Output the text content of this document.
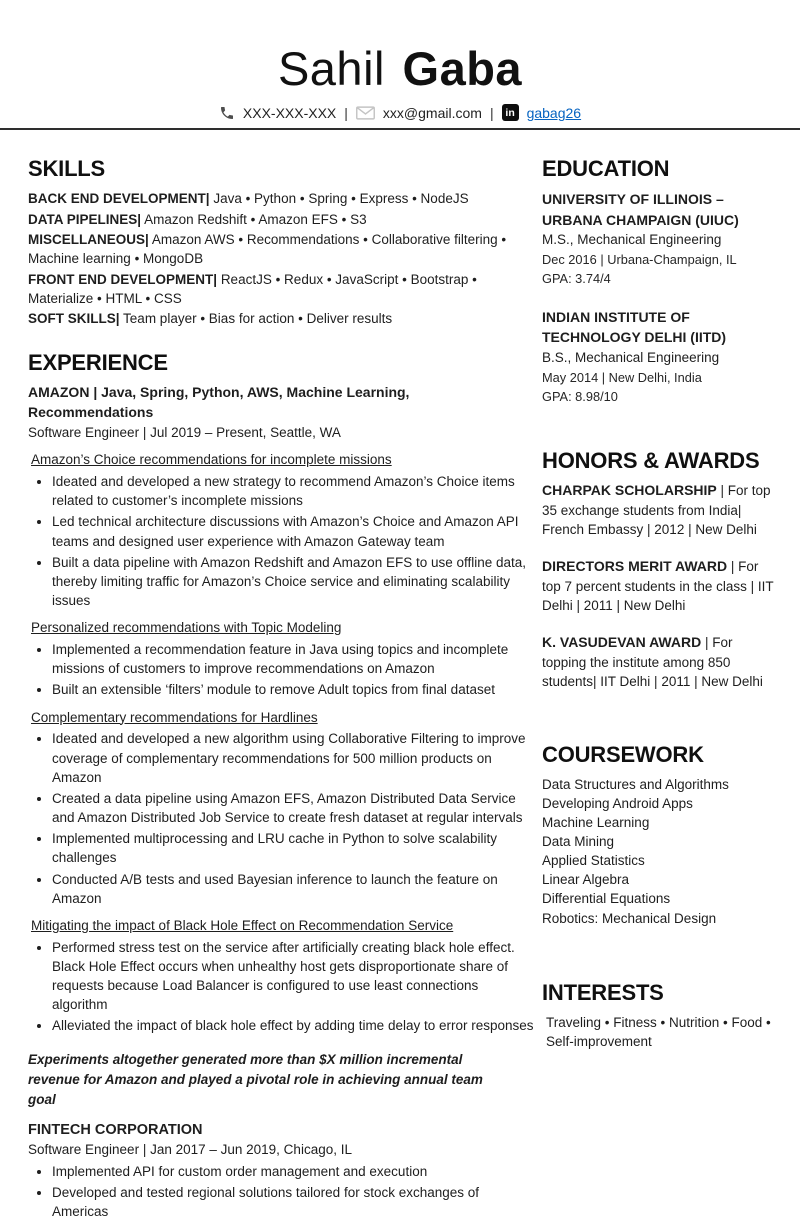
Sahil Gaba
XXX-XXX-XXX |	xxx@gmail.com | in gabag26
SKILLS

BACK END DEVELOPMENT| Java • Python • Spring • Express • NodeJS

DATA PIPELINES| Amazon Redshift • Amazon EFS • S3

MISCELLANEOUS| Amazon AWS • Recommendations • Collaborative filtering • Machine learning • MongoDB

FRONT END DEVELOPMENT| ReactJS • Redux • JavaScript • Bootstrap • Materialize • HTML • CSS

SOFT SKILLS| Team player • Bias for action • Deliver results

EXPERIENCE

AMAZON | Java, Spring, Python, AWS, Machine Learning, Recommendations

Software Engineer | Jul 2019 – Present, Seattle, WA

Amazon’s Choice recommendations for incomplete missions

• Ideated and developed a new strategy to recommend Amazon’s Choice items related to customer’s incomplete missions
• Led technical architecture discussions with Amazon’s Choice and Amazon API teams and designed user experience with Amazon Gateway team
• Built a data pipeline with Amazon Redshift and Amazon EFS to use offline data, thereby limiting traffic for Amazon’s Choice service and eliminating scalability issues

Personalized recommendations with Topic Modeling

• Implemented a recommendation feature in Java using topics and incomplete missions of customers to improve recommendations on Amazon
• Built an extensible ‘filters’ module to remove Adult topics from final dataset

Complementary recommendations for Hardlines

• Ideated and developed a new algorithm using Collaborative Filtering to improve coverage of complementary recommendations for 500 million products on Amazon
• Created a data pipeline using Amazon EFS, Amazon Distributed Data Service and Amazon Distributed Job Service to create fresh dataset at regular intervals
• Implemented multiprocessing and LRU cache in Python to solve scalability challenges
• Conducted A/B tests and used Bayesian inference to launch the feature on Amazon

Mitigating the impact of Black Hole Effect on Recommendation Service

• Performed stress test on the service after artificially creating black hole effect. Black Hole Effect occurs when unhealthy host gets disproportionate share of requests because Load Balancer is configured to use least connections algorithm
• Alleviated the impact of black hole effect by adding time delay to error responses

Experiments altogether generated more than $X million incremental revenue for Amazon and played a pivotal role in achieving annual team goal

FINTECH CORPORATION

Software Engineer | Jan 2017 – Jun 2019, Chicago, IL

• Implemented API for custom order management and execution
• Developed and tested regional solutions tailored for stock exchanges of Americas
EDUCATION

UNIVERSITY OF ILLINOIS – URBANA CHAMPAIGN (UIUC)

M.S., Mechanical Engineering

Dec 2016 | Urbana-Champaign, IL

GPA: 3.74/4

INDIAN INSTITUTE OF TECHNOLOGY DELHI (IITD)

B.S., Mechanical Engineering

May 2014 | New Delhi, India

GPA: 8.98/10

HONORS & AWARDS

CHARPAK SCHOLARSHIP | For top 35 exchange students from India| French Embassy | 2012 | New Delhi

DIRECTORS MERIT AWARD | For top 7 percent students in the class | IIT Delhi | 2011 | New Delhi

K. VASUDEVAN AWARD | For topping the institute among 850 students| IIT Delhi | 2011 | New Delhi

COURSEWORK

Data Structures and Algorithms

Developing Android Apps

Machine Learning

Data Mining

Applied Statistics

Linear Algebra

Differential Equations

Robotics: Mechanical Design

INTERESTS

Traveling • Fitness • Nutrition • Food • Self-improvement
